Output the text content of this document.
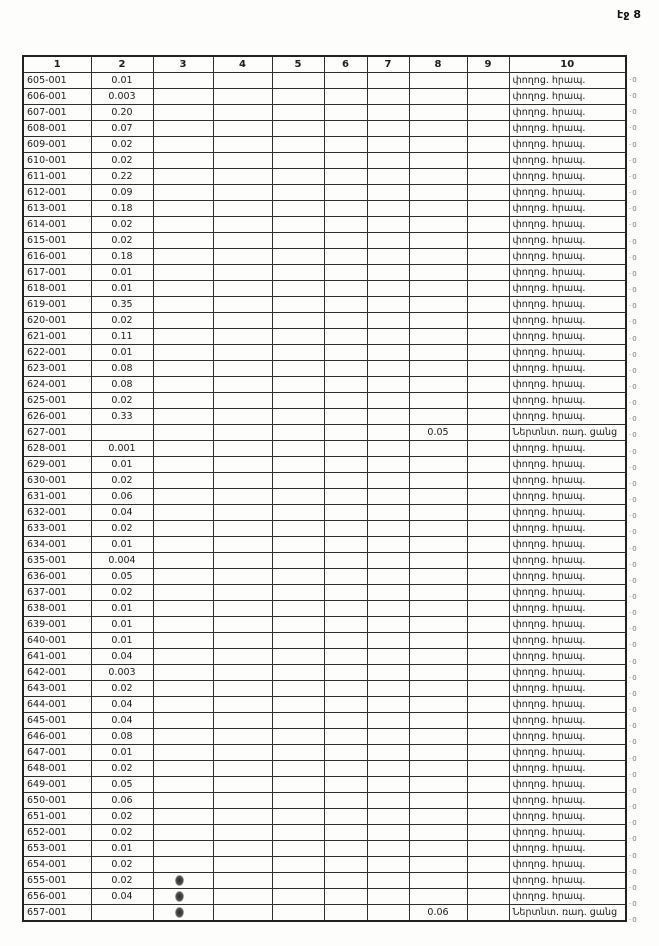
էջ 8
1	2	3	4	5	6	7	8	9	10
605-001	0.01								փողոց. հրապ.
606-001	0.003								փողոց. հրապ.
607-001	0.20								փողոց. հրապ.
608-001	0.07								փողոց. հրապ.
609-001	0.02								փողոց. հրապ.
610-001	0.02								փողոց. հրապ.
611-001	0.22								փողոց. հրապ.
612-001	0.09								փողոց. հրապ.
613-001	0.18								փողոց. հրապ.
614-001	0.02								փողոց. հրապ.
615-001	0.02								փողոց. հրապ.
616-001	0.18								փողոց. հրապ.
617-001	0.01								փողոց. հրապ.
618-001	0.01								փողոց. հրապ.
619-001	0.35								փողոց. հրապ.
620-001	0.02								փողոց. հրապ.
621-001	0.11								փողոց. հրապ.
622-001	0.01								փողոց. հրապ.
623-001	0.08								փողոց. հրապ.
624-001	0.08								փողոց. հրապ.
625-001	0.02								փողոց. հրապ.
626-001	0.33								փողոց. հրապ.
627-001							0.05		Ներտնտ. ռադ. ցանց
628-001	0.001								փողոց. հրապ.
629-001	0.01								փողոց. հրապ.
630-001	0.02								փողոց. հրապ.
631-001	0.06								փողոց. հրապ.
632-001	0.04								փողոց. հրապ.
633-001	0.02								փողոց. հրապ.
634-001	0.01								փողոց. հրապ.
635-001	0.004								փողոց. հրապ.
636-001	0.05								փողոց. հրապ.
637-001	0.02								փողոց. հրապ.
638-001	0.01								փողոց. հրապ.
639-001	0.01								փողոց. հրապ.
640-001	0.01								փողոց. հրապ.
641-001	0.04								փողոց. հրապ.
642-001	0.003								փողոց. հրապ.
643-001	0.02								փողոց. հրապ.
644-001	0.04								փողոց. հրապ.
645-001	0.04								փողոց. հրապ.
646-001	0.08								փողոց. հրապ.
647-001	0.01								փողոց. հրապ.
648-001	0.02								փողոց. հրապ.
649-001	0.05								փողոց. հրապ.
650-001	0.06								փողոց. հրապ.
651-001	0.02								փողոց. հրապ.
652-001	0.02								փողոց. հրապ.
653-001	0.01								փողոց. հրապ.
654-001	0.02								փողոց. հրապ.
655-001	0.02								փողոց. հրապ.
656-001	0.04								փողոց. հրապ.
657-001							0.06		Ներտնտ. ռադ. ցանց
·0
·0
·0
·0
·0
·0
·0
·0
·0
·0
·0
·0
·0
·0
·0
·0
·0
·0
·0
·0
·0
·0
·0
·0
·0
·0
·0
·0
·0
·0
·0
·0
·0
·0
·0
·0
·0
·0
·0
·0
·0
·0
·0
·0
·0
·0
·0
·0
·0
·0
·0
·0
·0
